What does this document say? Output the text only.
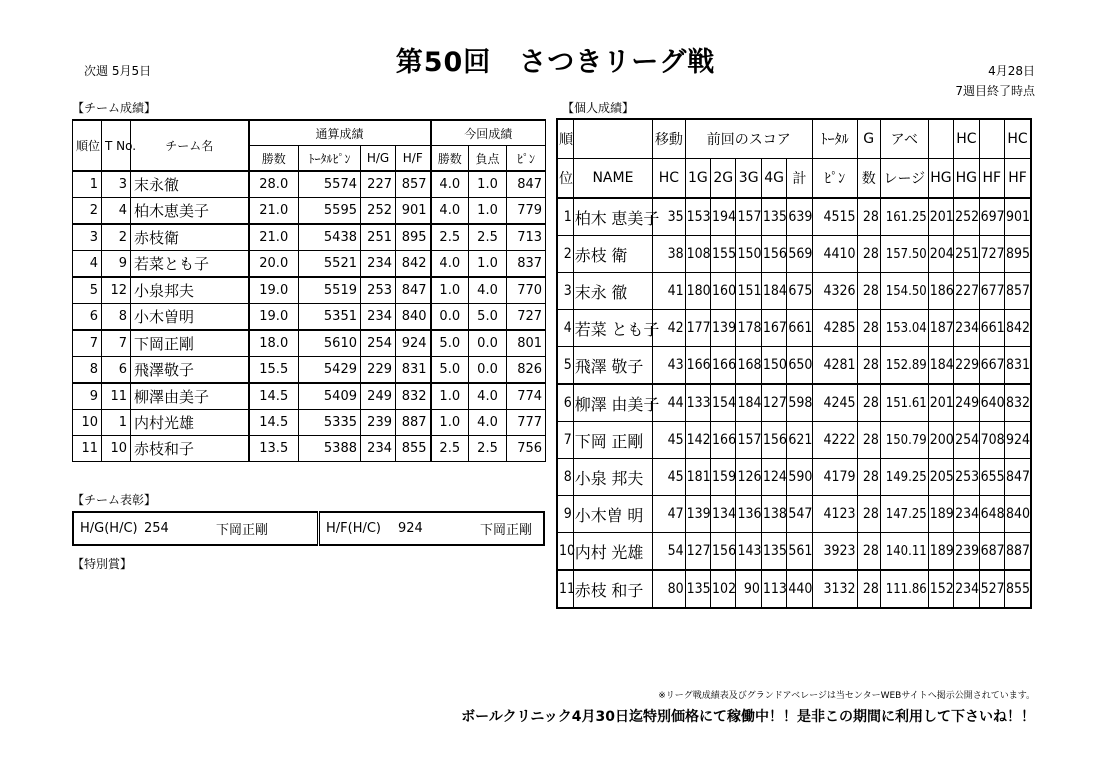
次週 5月5日	第50回　さつきリーグ戦	4月28日
7週目終了時点
【チーム成績】
順位	T No.	チーム名	通算成績				今回成績		
			勝数	ﾄｰﾀﾙﾋﾟﾝ	H/G	H/F	勝数	負点	ﾋﾟﾝ
1	3	末永徹	28.0	5574	227	857	4.0	1.0	847
2	4	柏木恵美子	21.0	5595	252	901	4.0	1.0	779
3	2	赤枝衛	21.0	5438	251	895	2.5	2.5	713
4	9	若菜とも子	20.0	5521	234	842	4.0	1.0	837
5	12	小泉邦夫	19.0	5519	253	847	1.0	4.0	770
6	8	小木曽明	19.0	5351	234	840	0.0	5.0	727
7	7	下岡正剛	18.0	5610	254	924	5.0	0.0	801
8	6	飛澤敬子	15.5	5429	229	831	5.0	0.0	826
9	11	柳澤由美子	14.5	5409	249	832	1.0	4.0	774
10	1	内村光雄	14.5	5335	239	887	1.0	4.0	777
11	10	赤枝和子	13.5	5388	234	855	2.5	2.5	756
【チーム表彰】
H/G(H/C)	254	下岡正剛	H/F(H/C)	924	下岡正剛
【特別賞】
【個人成績】
順		移動	前回のスコア					ﾄｰﾀﾙ	G	アベ		HC		HC
位	NAME	HC	1G	2G	3G	4G	計	ﾋﾟﾝ	数	レージ	HG	HG	HF	HF
1	柏木 恵美子	35	153	194	157	135	639	4515	28	161.25	201	252	697	901
2	赤枝 衛	38	108	155	150	156	569	4410	28	157.50	204	251	727	895
3	末永 徹	41	180	160	151	184	675	4326	28	154.50	186	227	677	857
4	若菜 とも子	42	177	139	178	167	661	4285	28	153.04	187	234	661	842
5	飛澤 敬子	43	166	166	168	150	650	4281	28	152.89	184	229	667	831
6	柳澤 由美子	44	133	154	184	127	598	4245	28	151.61	201	249	640	832
7	下岡 正剛	45	142	166	157	156	621	4222	28	150.79	200	254	708	924
8	小泉 邦夫	45	181	159	126	124	590	4179	28	149.25	205	253	655	847
9	小木曽 明	47	139	134	136	138	547	4123	28	147.25	189	234	648	840
10	内村 光雄	54	127	156	143	135	561	3923	28	140.11	189	239	687	887
11	赤枝 和子	80	135	102	90	113	440	3132	28	111.86	152	234	527	855
※リーグ戦成績表及びグランドアベレージは当センターWEBサイトへ掲示公開されています。
ボールクリニック4月30日迄特別価格にて稼働中！！是非この期間に利用して下さいね！！
